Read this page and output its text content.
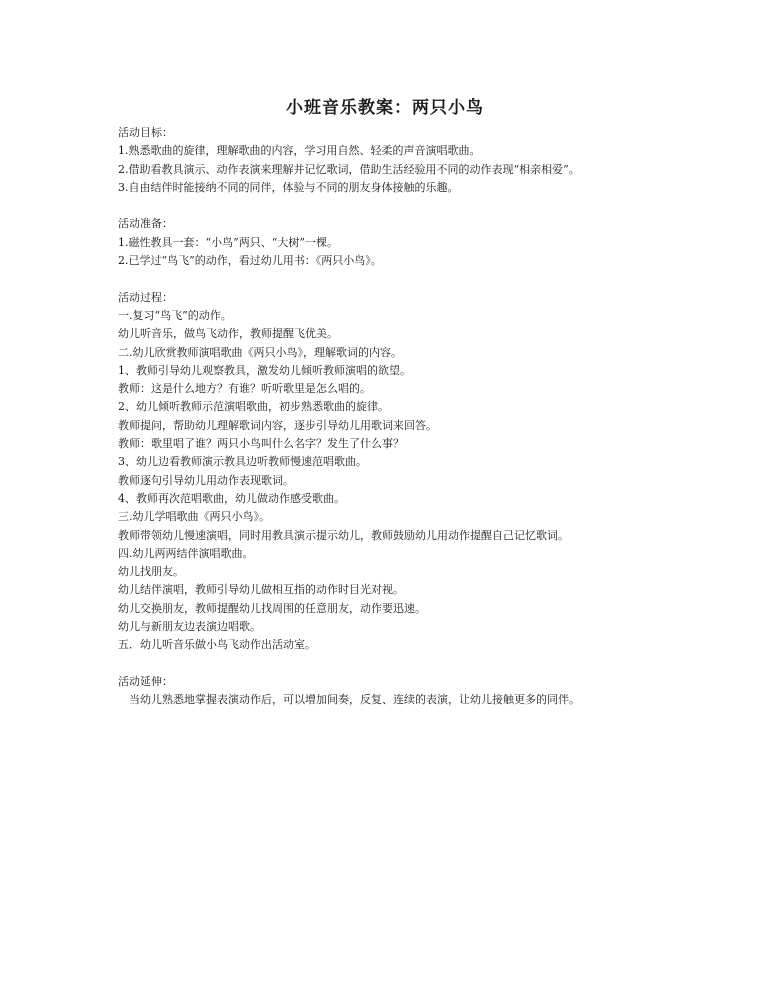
小班音乐教案：两只小鸟
活动目标：
1.熟悉歌曲的旋律，理解歌曲的内容，学习用自然、轻柔的声音演唱歌曲。
2.借助看教具演示、动作表演来理解并记忆歌词，借助生活经验用不同的动作表现“相亲相爱”。
3.自由结伴时能接纳不同的同伴，体验与不同的朋友身体接触的乐趣。
活动准备：
1.磁性教具一套：“小鸟”两只、“大树”一棵。
2.已学过“鸟飞”的动作，看过幼儿用书：《两只小鸟》。
活动过程：
一.复习“鸟飞”的动作。
幼儿听音乐，做鸟飞动作，教师提醒飞优美。
二.幼儿欣赏教师演唱歌曲《两只小鸟》，理解歌词的内容。
1、教师引导幼儿观察教具，激发幼儿倾听教师演唱的欲望。
教师：这是什么地方？有谁？听听歌里是怎么唱的。
2、幼儿倾听教师示范演唱歌曲，初步熟悉歌曲的旋律。
教师提问，帮助幼儿理解歌词内容，逐步引导幼儿用歌词来回答。
教师：歌里唱了谁？两只小鸟叫什么名字？发生了什么事？
3、幼儿边看教师演示教具边听教师慢速范唱歌曲。
教师逐句引导幼儿用动作表现歌词。
4、教师再次范唱歌曲，幼儿做动作感受歌曲。
三.幼儿学唱歌曲《两只小鸟》。
教师带领幼儿慢速演唱，同时用教具演示提示幼儿，教师鼓励幼儿用动作提醒自己记忆歌词。
四.幼儿两两结伴演唱歌曲。
幼儿找朋友。
幼儿结伴演唱，教师引导幼儿做相互指的动作时目光对视。
幼儿交换朋友，教师提醒幼儿找周围的任意朋友，动作要迅速。
幼儿与新朋友边表演边唱歌。
五．幼儿听音乐做小鸟飞动作出活动室。
活动延伸：
当幼儿熟悉地掌握表演动作后，可以增加间奏，反复、连续的表演，让幼儿接触更多的同伴。
